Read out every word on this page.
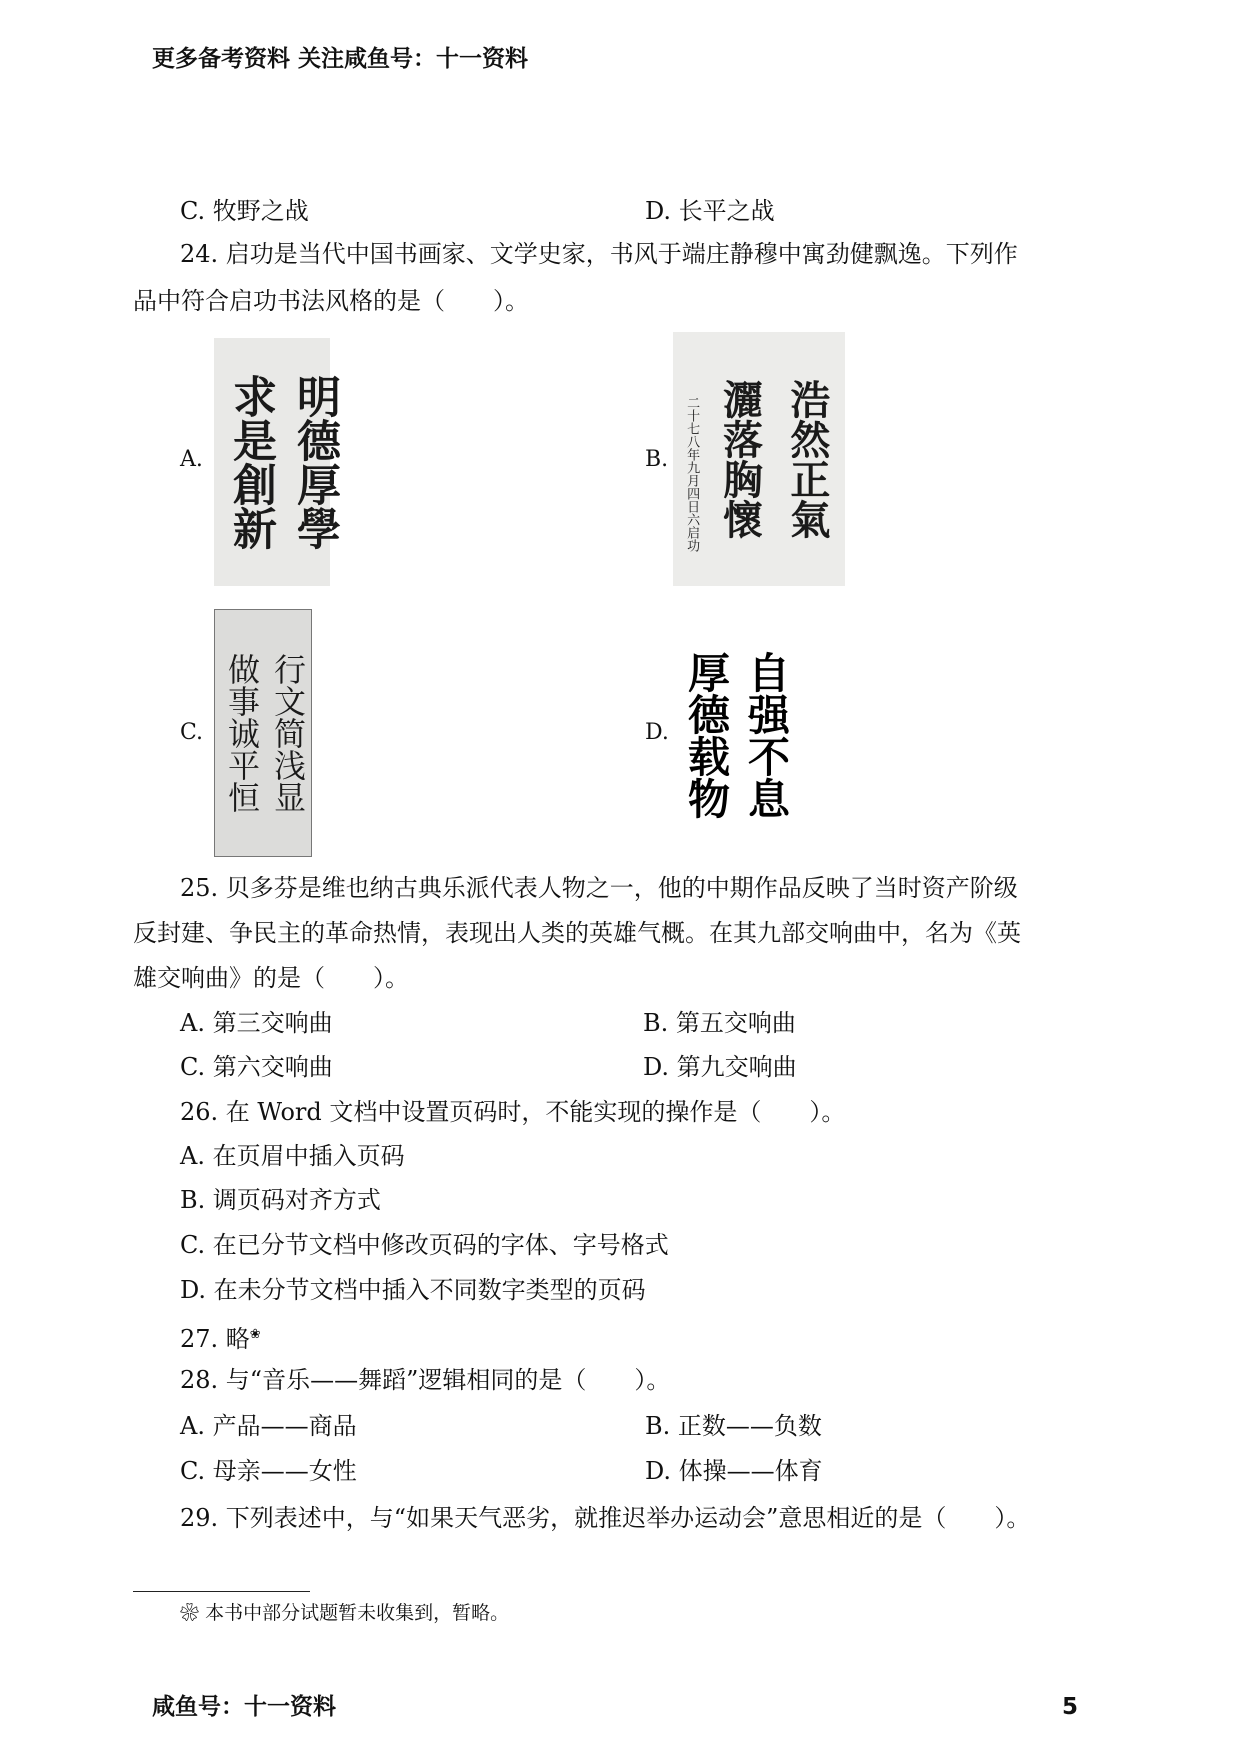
更多备考资料 关注咸鱼号：十一资料
C. 牧野之战	D. 长平之战
24. 启功是当代中国书画家、文学史家，书风于端庄静穆中寓劲健飘逸。下列作
品中符合启功书法风格的是（　　）。
A. 明德厚學
求是創新	B.	浩然正氣
灑落胸懷
二十七八年九月四日六启功
C. 行文简浅显
做事诚平恒	D. 自强不息
厚德载物
25. 贝多芬是维也纳古典乐派代表人物之一，他的中期作品反映了当时资产阶级
反封建、争民主的革命热情，表现出人类的英雄气概。在其九部交响曲中，名为《英
雄交响曲》的是（　　）。
A. 第三交响曲	B. 第五交响曲
C. 第六交响曲	D. 第九交响曲
26. 在 Word 文档中设置页码时，不能实现的操作是（　　）。
A. 在页眉中插入页码
B. 调页码对齐方式
C. 在已分节文档中修改页码的字体、字号格式
D. 在未分节文档中插入不同数字类型的页码
27. 略❀
28. 与“音乐——舞蹈”逻辑相同的是（　　）。
A. 产品——商品	B. 正数——负数
C. 母亲——女性	D. 体操——体育
29. 下列表述中，与“如果天气恶劣，就推迟举办运动会”意思相近的是（　　）。
❀ 本书中部分试题暂未收集到，暂略。
咸鱼号：十一资料	5
